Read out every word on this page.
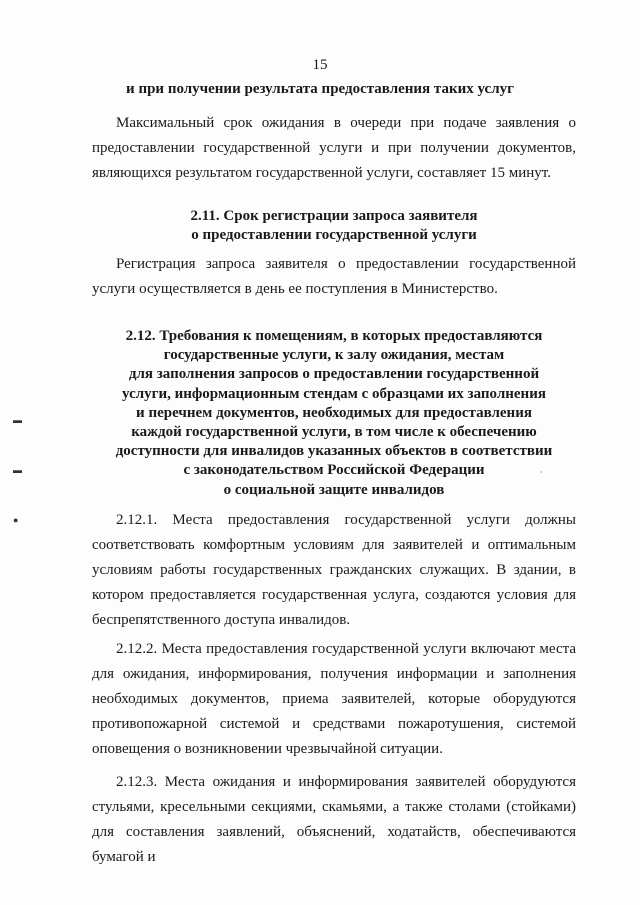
15
и при получении результата предоставления таких услуг
Максимальный срок ожидания в очереди при подаче заявления о предоставлении государственной услуги и при получении документов, являющихся результатом государственной услуги, составляет 15 минут.
2.11. Срок регистрации запроса заявителя
о предоставлении государственной услуги
Регистрация запроса заявителя о предоставлении государственной услуги осуществляется в день ее поступления в Министерство.
2.12. Требования к помещениям, в которых предоставляются
государственные услуги, к залу ожидания, местам
для заполнения запросов о предоставлении государственной
услуги, информационным стендам с образцами их заполнения
и перечнем документов, необходимых для предоставления
каждой государственной услуги, в том числе к обеспечению
доступности для инвалидов указанных объектов в соответствии
с законодательством Российской Федерации
о социальной защите инвалидов
2.12.1. Места предоставления государственной услуги должны соответствовать комфортным условиям для заявителей и оптимальным условиям работы государственных гражданских служащих. В здании, в котором предоставляется государственная услуга, создаются условия для беспрепятственного доступа инвалидов.
2.12.2. Места предоставления государственной услуги включают места для ожидания, информирования, получения информации и заполнения необходимых документов, приема заявителей, которые оборудуются противопожарной системой и средствами пожаротушения, системой оповещения о возникновении чрезвычайной ситуации.
2.12.3. Места ожидания и информирования заявителей оборудуются стульями, кресельными секциями, скамьями, а также столами (стойками) для составления заявлений, объяснений, ходатайств, обеспечиваются бумагой и
▬
▬
●
·
